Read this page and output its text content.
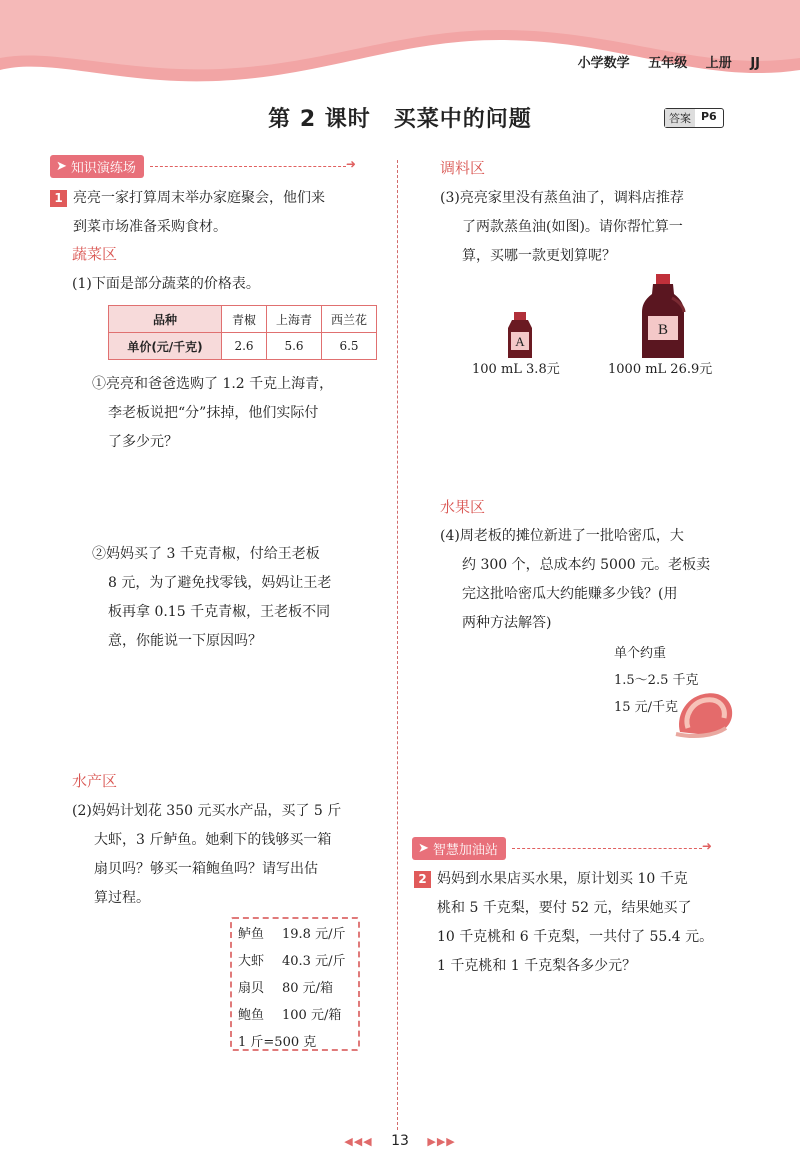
小学数学 五年级 上册 JJ
第 2 课时　买菜中的问题	答案 P6
➤ 知识演练场
➜
1 亮亮一家打算周末举办家庭聚会，他们来
到菜市场准备采购食材。
蔬菜区
(1)下面是部分蔬菜的价格表。
品种	青椒	上海青	西兰花
单价(元/千克)	2.6	5.6	6.5
①亮亮和爸爸选购了 1.2 千克上海青，
李老板说把“分”抹掉，他们实际付
了多少元？
②妈妈买了 3 千克青椒，付给王老板
8 元，为了避免找零钱，妈妈让王老
板再拿 0.15 千克青椒，王老板不同
意，你能说一下原因吗？
水产区
(2)妈妈计划花 350 元买水产品，买了 5 斤
大虾，3 斤鲈鱼。她剩下的钱够买一箱
扇贝吗？够买一箱鲍鱼吗？请写出估
算过程。
鲈鱼	19.8 元/斤
大虾	40.3 元/斤
扇贝	80 元/箱
鲍鱼	100 元/箱
1 斤=500 克
调料区
(3)亮亮家里没有蒸鱼油了，调料店推荐
了两款蒸鱼油(如图)。请你帮忙算一
算，买哪一款更划算呢？
A
100 mL 3.8元
B
1000 mL 26.9元
水果区
(4)周老板的摊位新进了一批哈密瓜，大
约 300 个，总成本约 5000 元。老板卖
完这批哈密瓜大约能赚多少钱？(用
两种方法解答)
单个约重
1.5～2.5 千克
15 元/千克
➤ 智慧加油站
➜
2 妈妈到水果店买水果，原计划买 10 千克
桃和 5 千克梨，要付 52 元，结果她买了
10 千克桃和 6 千克梨，一共付了 55.4 元。
1 千克桃和 1 千克梨各多少元？
◀◀◀ 13 ▶▶▶
